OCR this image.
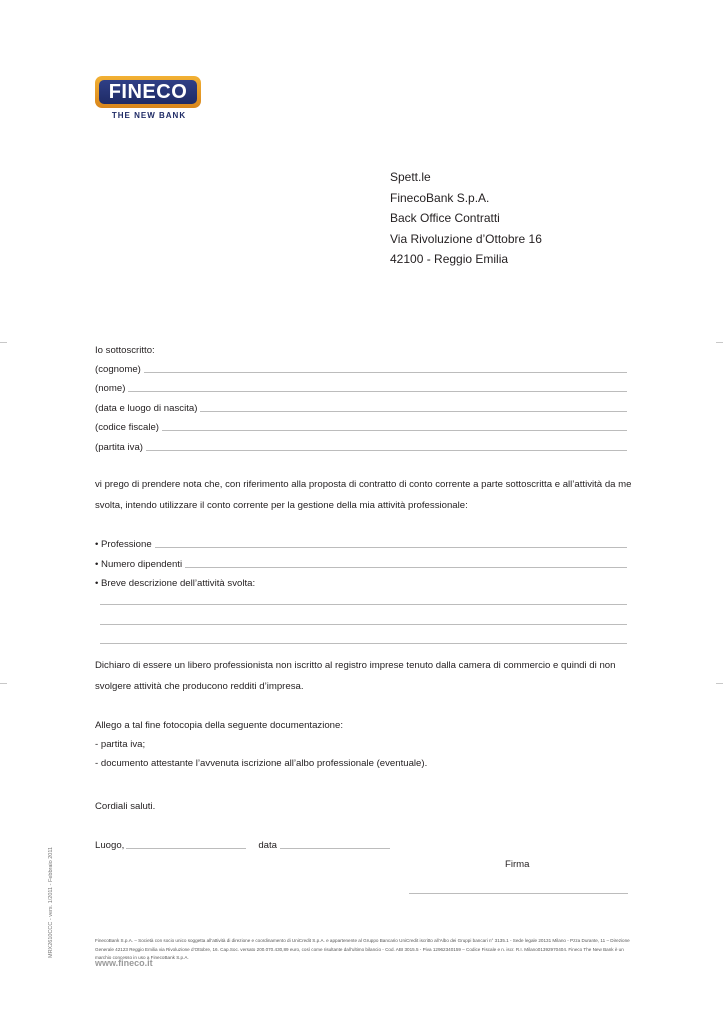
FINECO
THE NEW BANK
Spett.le
FinecoBank S.p.A.
Back Office Contratti
Via Rivoluzione d’Ottobre 16
42100 - Reggio Emilia
Io sottoscritto:
(cognome)
(nome)
(data e luogo di nascita)
(codice fiscale)
(partita iva)
vi prego di prendere nota che, con riferimento alla proposta di contratto di conto corrente a parte sottoscritta e all’attività da me svolta, intendo utilizzare il conto corrente per la gestione della mia attività professionale:
• Professione
• Numero dipendenti
• Breve descrizione dell’attività svolta:
Dichiaro di essere un libero professionista non iscritto al registro imprese tenuto dalla camera di commercio e quindi di non svolgere attività che producono redditi d’impresa.
Allego a tal fine fotocopia della seguente documentazione:
- partita iva;
- documento attestante l’avvenuta iscrizione all’albo professionale (eventuale).
Cordiali saluti.
Luogo,	data
Firma
FinecoBank S.p.A. – Società con socio unico soggetta all’attività di direzione e coordinamento di UniCredit S.p.A. e appartenente al Gruppo Bancario UniCredit iscritto all’Albo dei Gruppi bancari n° 3135.1 - Sede legale 20131 Milano - Pzza Durante, 11 – Direzione Generale 42123 Reggio Emilia via Rivoluzione d’Ottobre, 16. Cap.Soc. versato 200.070.430,89 euro, così come risultante dall’ultimo bilancio - Cod. ABI 3015.5 - Piva 12962340159 – Codice Fiscale e n. iscr. R.I. Milano01392970404. Fineco The New Bank è un marchio concesso in uso a FinecoBank S.p.A.
www.fineco.it
MRX2610CCC - vers. 1/2011 - Febbraio 2011
